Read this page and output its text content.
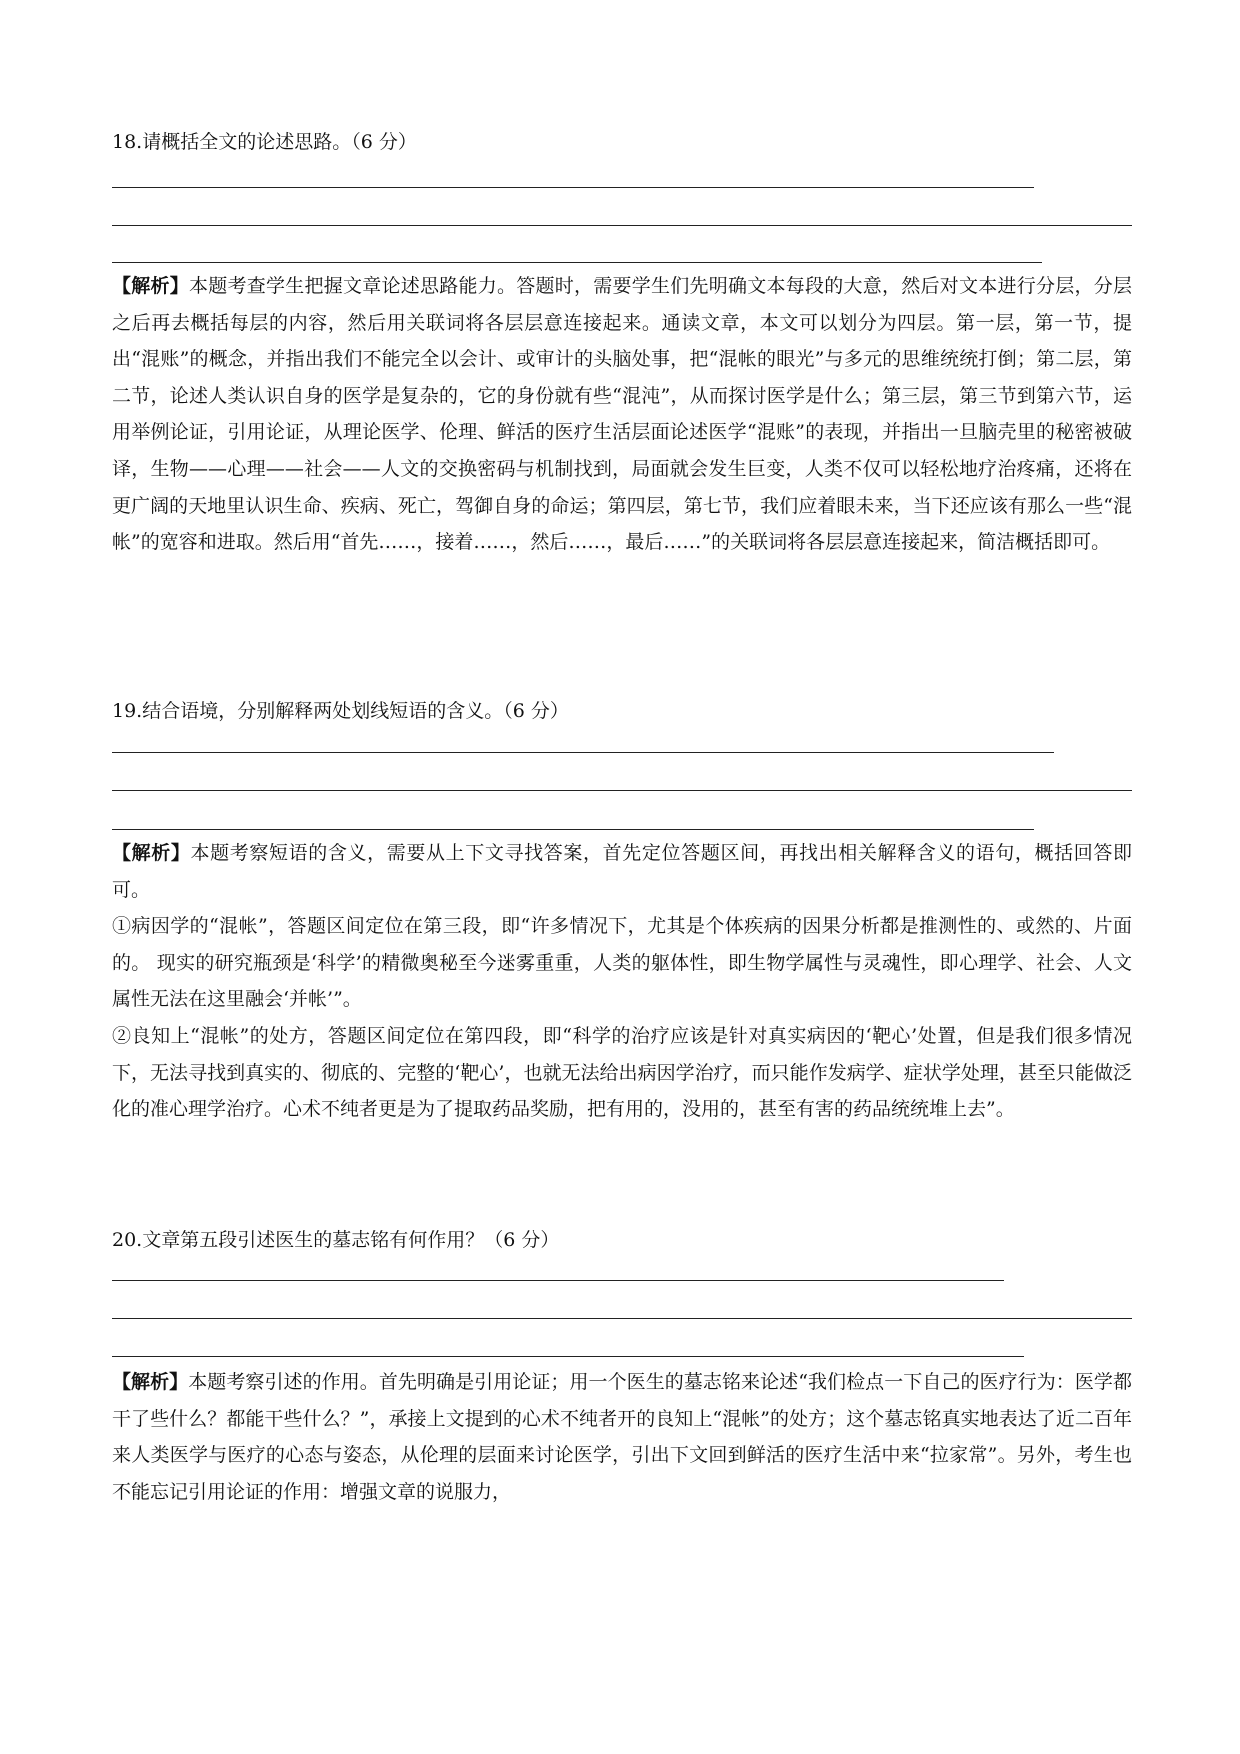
18.请概括全文的论述思路。（6 分）

【解析】本题考查学生把握文章论述思路能力。答题时，需要学生们先明确文本每段的大意，然后对文本进行分层，分层之后再去概括每层的内容，然后用关联词将各层层意连接起来。通读文章，本文可以划分为四层。第一层，第一节，提出“混账”的概念，并指出我们不能完全以会计、或审计的头脑处事，把“混帐的眼光”与多元的思维统统打倒；第二层，第二节，论述人类认识自身的医学是复杂的，它的身份就有些“混沌”，从而探讨医学是什么；第三层，第三节到第六节，运用举例论证，引用论证，从理论医学、伦理、鲜活的医疗生活层面论述医学“混账”的表现，并指出一旦脑壳里的秘密被破译，生物——心理——社会——人文的交换密码与机制找到，局面就会发生巨变，人类不仅可以轻松地疗治疼痛，还将在更广阔的天地里认识生命、疾病、死亡，驾御自身的命运；第四层，第七节，我们应着眼未来，当下还应该有那么一些“混帐”的宽容和进取。然后用“首先……，接着……，然后……，最后……”的关联词将各层层意连接起来，简洁概括即可。

19.结合语境，分别解释两处划线短语的含义。（6 分）

【解析】本题考察短语的含义，需要从上下文寻找答案，首先定位答题区间，再找出相关解释含义的语句，概括回答即可。

①病因学的“混帐”，答题区间定位在第三段，即“许多情况下，尤其是个体疾病的因果分析都是推测性的、或然的、片面的。 现实的研究瓶颈是‘科学’的精微奥秘至今迷雾重重，人类的躯体性，即生物学属性与灵魂性，即心理学、社会、人文属性无法在这里融会‘并帐’”。

②良知上“混帐”的处方，答题区间定位在第四段，即“科学的治疗应该是针对真实病因的‘靶心’处置，但是我们很多情况下，无法寻找到真实的、彻底的、完整的‘靶心’，也就无法给出病因学治疗，而只能作发病学、症状学处理，甚至只能做泛化的准心理学治疗。心术不纯者更是为了提取药品奖励，把有用的，没用的，甚至有害的药品统统堆上去”。

20.文章第五段引述医生的墓志铭有何作用？（6 分）

【解析】本题考察引述的作用。首先明确是引用论证；用一个医生的墓志铭来论述“我们检点一下自己的医疗行为：医学都干了些什么？都能干些什么？”，承接上文提到的心术不纯者开的良知上“混帐”的处方；这个墓志铭真实地表达了近二百年来人类医学与医疗的心态与姿态，从伦理的层面来讨论医学，引出下文回到鲜活的医疗生活中来“拉家常”。另外，考生也不能忘记引用论证的作用：增强文章的说服力，
